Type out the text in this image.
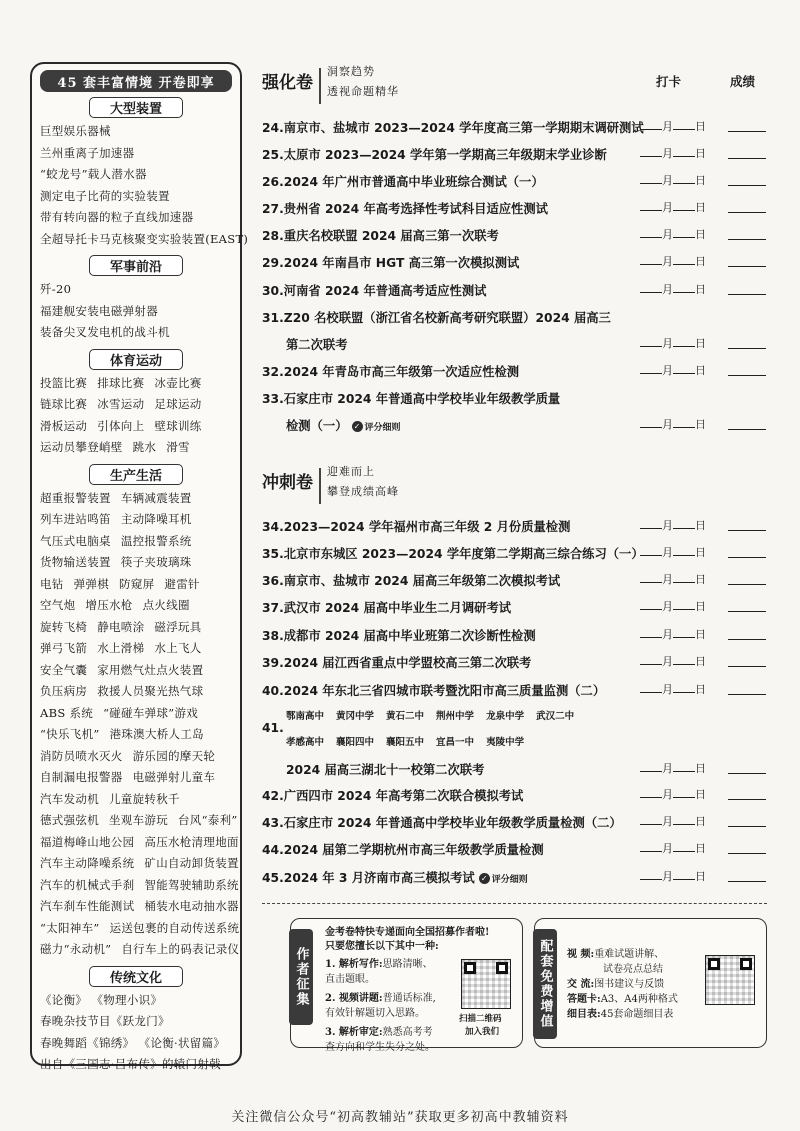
45 套丰富情境 开卷即享
大型装置
巨型娱乐器械
兰州重离子加速器
“蛟龙号”载人潜水器
测定电子比荷的实验装置
带有转向器的粒子直线加速器
全超导托卡马克核聚变实验装置(EAST)
军事前沿
歼-20
福建舰安装电磁弹射器
装备尖叉发电机的战斗机
体育运动
投篮比赛 排球比赛 冰壶比赛
链球比赛 冰雪运动 足球运动
滑板运动 引体向上 壁球训练
运动员攀登峭壁 跳水 滑雪
生产生活
超重报警装置 车辆减震装置
列车进站鸣笛 主动降噪耳机
气压式电脑桌 温控报警系统
货物输送装置 筷子夹玻璃珠
电钻 弹弹棋 防窥屏 避雷针
空气炮 增压水枪 点火线圈
旋转飞椅 静电喷涂 磁浮玩具
弹弓飞箭 水上滑梯 水上飞人
安全气囊 家用燃气灶点火装置
负压病房 救援人员聚光热气球
ABS 系统 “碰碰车弹球”游戏
“快乐飞机” 港珠澳大桥人工岛
消防员喷水灭火 游乐园的摩天轮
自制漏电报警器 电磁弹射儿童车
汽车发动机 儿童旋转秋千
德式强弦机 坐观车游玩 台风“泰利”
福道梅峰山地公园 高压水枪清理地面
汽车主动降噪系统 矿山自动卸货装置
汽车的机械式手刹 智能驾驶辅助系统
汽车刹车性能测试 桶装水电动抽水器
“太阳神车” 运送包裹的自动传送系统
磁力“永动机” 自行车上的码表记录仪
传统文化
《论衡》 《物理小识》
春晚杂技节目《跃龙门》
春晚舞蹈《锦绣》 《论衡·状留篇》
出自《三国志·吕布传》的辕门射戟
强化卷
洞察趋势
透视命题精华
打卡	成绩
冲刺卷
迎难而上
攀登成绩高峰
24.南京市、盐城市 2023—2024 学年度高三第一学期期末调研测试	月 日
25.太原市 2023—2024 学年第一学期高三年级期末学业诊断	月 日
26.2024 年广州市普通高中毕业班综合测试（一）	月 日
27.贵州省 2024 年高考选择性考试科目适应性测试	月 日
28.重庆名校联盟 2024 届高三第一次联考	月 日
29.2024 年南昌市 HGT 高三第一次模拟测试	月 日
30.河南省 2024 年普通高考适应性测试	月 日
31.Z20 名校联盟（浙江省名校新高考研究联盟）2024 届高三
第二次联考	月 日
32.2024 年青岛市高三年级第一次适应性检测	月 日
33.石家庄市 2024 年普通高中学校毕业年级教学质量
检测（一） ✓ 评分细则	月 日
34.2023—2024 学年福州市高三年级 2 月份质量检测	月 日
35.北京市东城区 2023—2024 学年度第二学期高三综合练习（一）	月 日
36.南京市、盐城市 2024 届高三年级第二次模拟考试	月 日
37.武汉市 2024 届高中毕业生二月调研考试	月 日
38.成都市 2024 届高中毕业班第二次诊断性检测	月 日
39.2024 届江西省重点中学盟校高三第二次联考	月 日
40.2024 年东北三省四城市联考暨沈阳市高三质量监测（二）	月 日
41.
鄂南高中 黄冈中学 黄石二中 荆州中学 龙泉中学 武汉二中
孝感高中 襄阳四中 襄阳五中 宜昌一中 夷陵中学
2024 届高三湖北十一校第二次联考	月 日
42.广西四市 2024 年高考第二次联合模拟考试	月 日
43.石家庄市 2024 年普通高中学校毕业年级教学质量检测（二）	月 日
44.2024 届第二学期杭州市高三年级教学质量检测	月 日
45.2024 年 3 月济南市高三模拟考试 ✓ 评分细则	月 日
作者征集
金考卷特快专递面向全国招募作者啦!
只要您擅长以下其中一种:
1. 解析写作:思路清晰、
直击题眼。
2. 视频讲题:普通话标准,
有效针解题切入思路。
3. 解析审定:熟悉高考考
查方向和学生失分之处。
扫描二维码
加入我们
配套免费增值	视 频:重难试题讲解、
试卷亮点总结
交 流:图书建议与反馈
答题卡:A3、A4两种格式
细目表:45套命题细目表
关注微信公众号“初高教辅站”获取更多初高中教辅资料
